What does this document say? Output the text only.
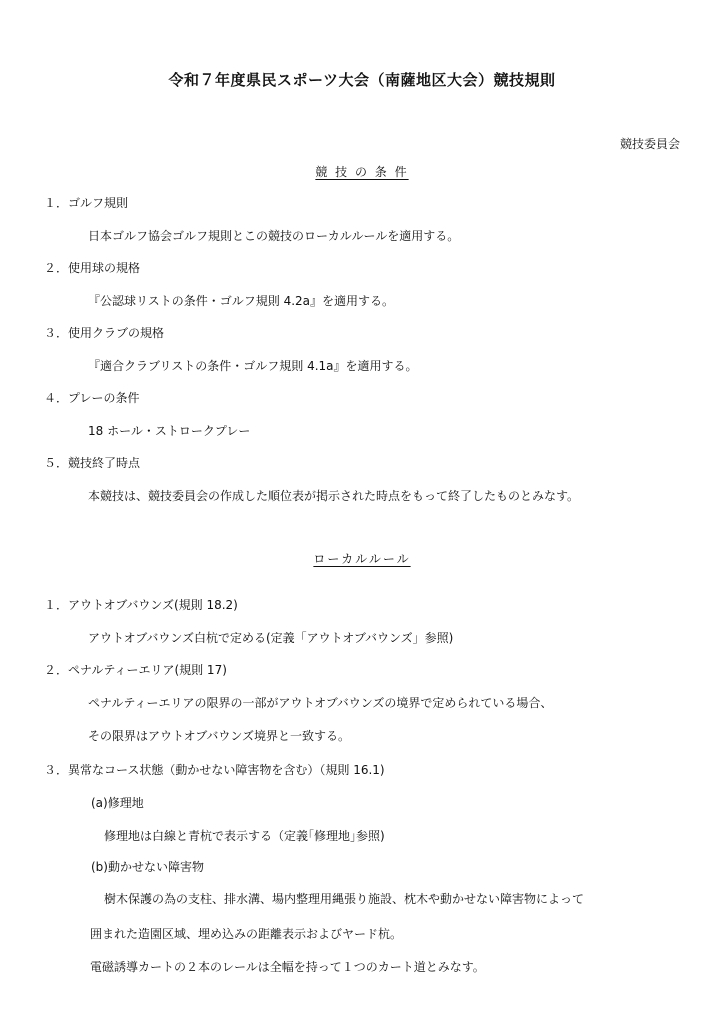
令和７年度県民スポーツ大会（南薩地区大会）競技規則
競技委員会
競 技 の 条 件
１．ゴルフ規則
日本ゴルフ協会ゴルフ規則とこの競技のローカルルールを適用する。
２．使用球の規格
『公認球リストの条件・ゴルフ規則 4.2a』を適用する。
３．使用クラブの規格
『適合クラブリストの条件・ゴルフ規則 4.1a』を適用する。
４．プレーの条件
18 ホール・ストロークプレー
５．競技終了時点
本競技は、競技委員会の作成した順位表が掲示された時点をもって終了したものとみなす。
ローカルルール
１．アウトオブバウンズ(規則 18.2)
アウトオブバウンズ白杭で定める(定義「アウトオブバウンズ」参照)
２．ペナルティーエリア(規則 17)
ペナルティーエリアの限界の一部がアウトオブバウンズの境界で定められている場合、
その限界はアウトオブバウンズ境界と一致する。
３．異常なコース状態（動かせない障害物を含む）（規則 16.1)
(a)修理地
修理地は白線と青杭で表示する（定義｢修理地｣参照)
(b)動かせない障害物
樹木保護の為の支柱、排水溝、場内整理用縄張り施設、枕木や動かせない障害物によって
囲まれた造園区域、埋め込みの距離表示およびヤード杭。
電磁誘導カートの２本のレールは全幅を持って１つのカート道とみなす。
